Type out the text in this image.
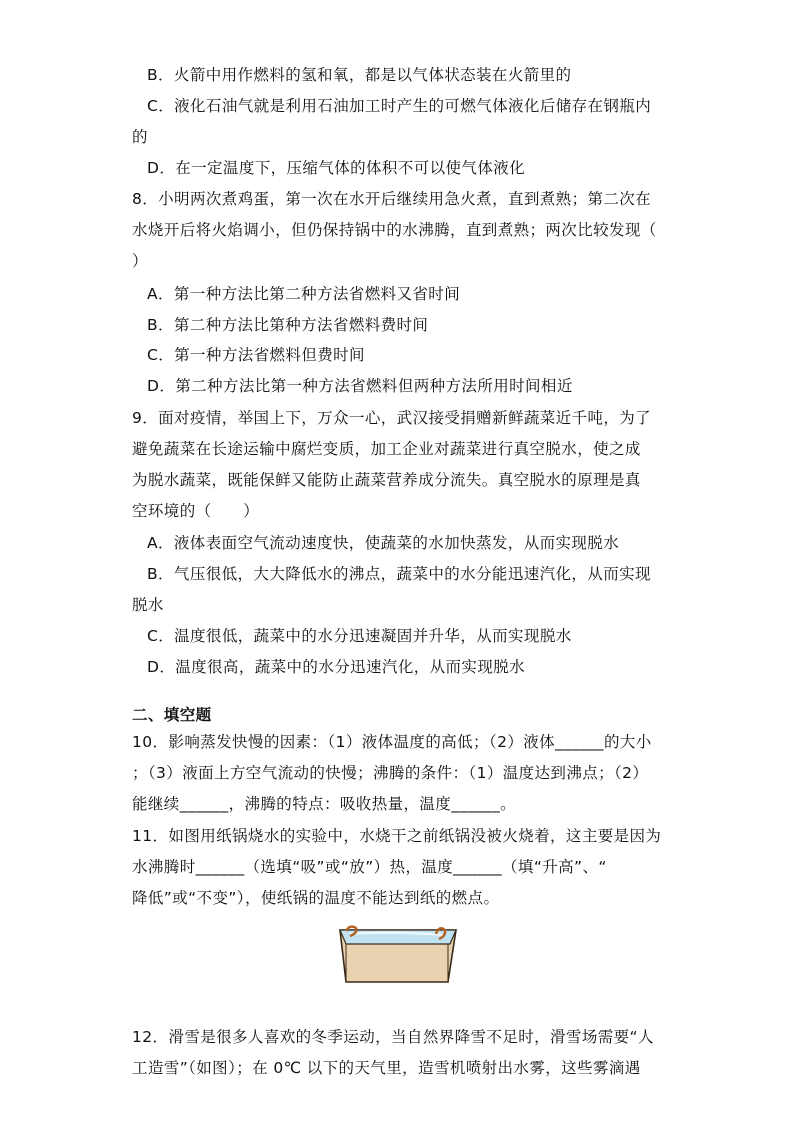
B．火箭中用作燃料的氢和氧，都是以气体状态装在火箭里的
C．液化石油气就是利用石油加工时产生的可燃气体液化后储存在钢瓶内
的
D．在一定温度下，压缩气体的体积不可以使气体液化
8．小明两次煮鸡蛋，第一次在水开后继续用急火煮，直到煮熟；第二次在
水烧开后将火焰调小，但仍保持锅中的水沸腾，直到煮熟；两次比较发现（
）
A．第一种方法比第二种方法省燃料又省时间
B．第二种方法比第种方法省燃料费时间
C．第一种方法省燃料但费时间
D．第二种方法比第一种方法省燃料但两种方法所用时间相近
9．面对疫情，举国上下，万众一心，武汉接受捐赠新鲜蔬菜近千吨，为了
避免蔬菜在长途运输中腐烂变质，加工企业对蔬菜进行真空脱水，使之成
为脱水蔬菜，既能保鲜又能防止蔬菜营养成分流失。真空脱水的原理是真
空环境的（　　）
A．液体表面空气流动速度快，使蔬菜的水加快蒸发，从而实现脱水
B．气压很低，大大降低水的沸点，蔬菜中的水分能迅速汽化，从而实现
脱水
C．温度很低，蔬菜中的水分迅速凝固并升华，从而实现脱水
D．温度很高，蔬菜中的水分迅速汽化，从而实现脱水
二、填空题
10．影响蒸发快慢的因素：（1）液体温度的高低；（2）液体______的大小
；（3）液面上方空气流动的快慢；沸腾的条件：（1）温度达到沸点；（2）
能继续______，沸腾的特点：吸收热量，温度______。
11．如图用纸锅烧水的实验中，水烧干之前纸锅没被火烧着，这主要是因为
水沸腾时______（选填“吸”或“放”）热，温度______（填“升高”、“
降低”或“不变”），使纸锅的温度不能达到纸的燃点。
12．滑雪是很多人喜欢的冬季运动，当自然界降雪不足时，滑雪场需要“人
工造雪”（如图）；在 0℃ 以下的天气里，造雪机喷射出水雾，这些雾滴遇
